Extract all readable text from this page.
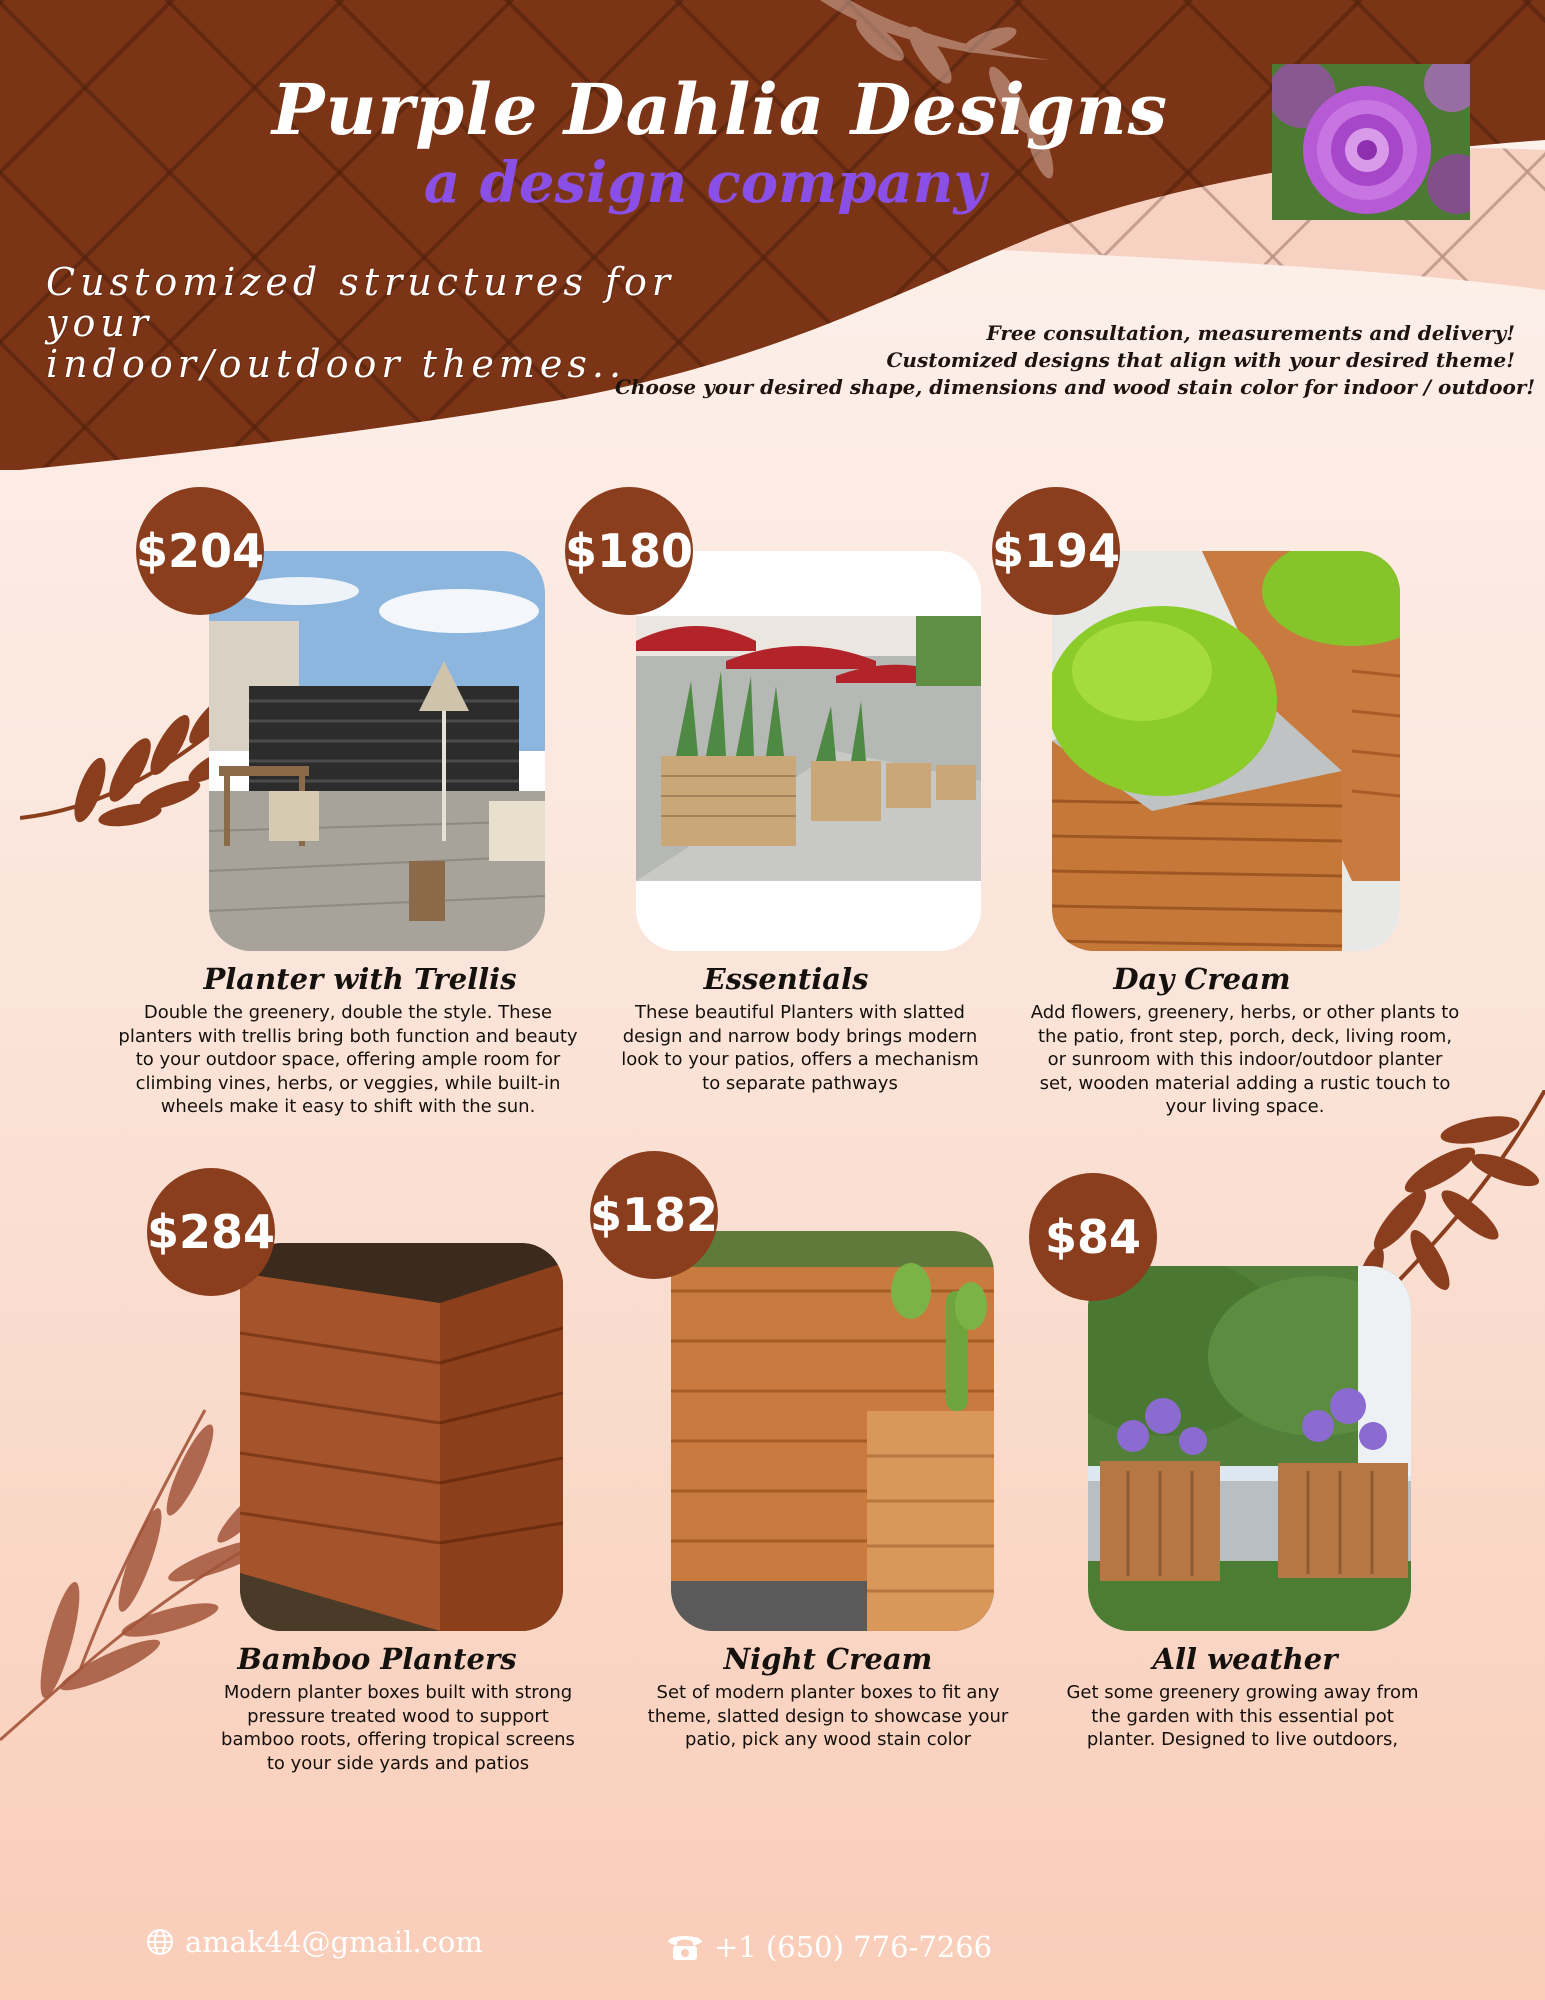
Purple Dahlia Designs
a design company
Customized structures for your
indoor/outdoor themes..
Free consultation, measurements and delivery!
Customized designs that align with your desired theme!
Choose your desired shape, dimensions and wood stain color for indoor / outdoor!
$204
Planter with Trellis
Double the greenery, double the style. These planters with trellis bring both function and beauty to your outdoor space, offering ample room for climbing vines, herbs, or veggies, while built-in wheels make it easy to shift with the sun.
$180
Essentials
These beautiful Planters with slatted design and narrow body brings modern look to your patios, offers a mechanism to separate pathways
$194
Day Cream
Add flowers, greenery, herbs, or other plants to the patio, front step, porch, deck, living room, or sunroom with this indoor/outdoor planter set, wooden material adding a rustic touch to your living space.
$284
Bamboo Planters
Modern planter boxes built with strong pressure treated wood to support bamboo roots, offering tropical screens to your side yards and patios
$182
Night Cream
Set of modern planter boxes to fit any theme, slatted design to showcase your patio, pick any wood stain color
$84
All weather
Get some greenery growing away from the garden with this essential pot planter. Designed to live outdoors,
amak44@gmail.com	+1 (650) 776-7266
